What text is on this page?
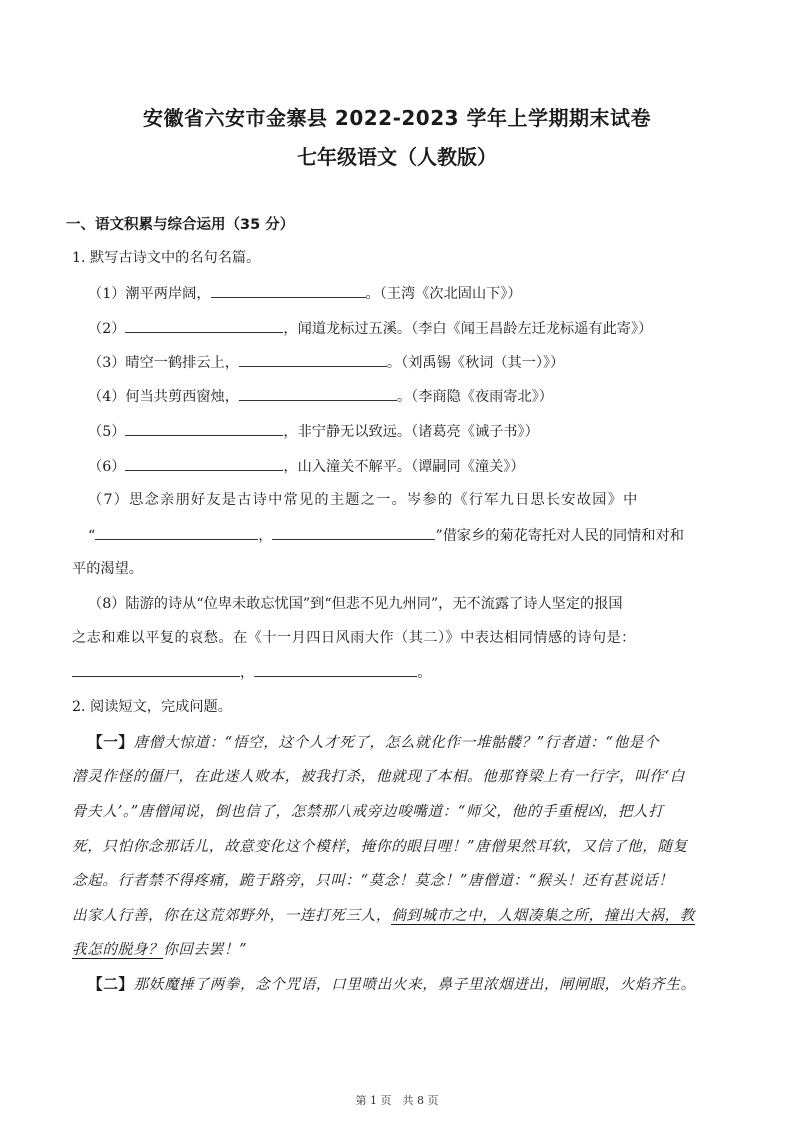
安徽省六安市金寨县 2022-2023 学年上学期期末试卷
七年级语文（人教版）
一、语文积累与综合运用（35 分）
1. 默写古诗文中的名句名篇。
（1）潮平两岸阔，	。（王湾《次北固山下》）
（2）	，闻道龙标过五溪。（李白《闻王昌龄左迁龙标遥有此寄》）
（3）晴空一鹤排云上，	。（刘禹锡《秋词（其一）》）
（4）何当共剪西窗烛，	。（李商隐《夜雨寄北》）
（5）	，非宁静无以致远。（诸葛亮《诫子书》）
（6）	，山入潼关不解平。（谭嗣同《潼关》）
（7）思念亲朋好友是古诗中常见的主题之一。岑参的《行军九日思长安故园》中
“	，	”借家乡的菊花寄托对人民的同情和对和
平的渴望。
（8）陆游的诗从“位卑未敢忘忧国”到“但悲不见九州同”，无不流露了诗人坚定的报国
之志和难以平复的哀愁。在《十一月四日风雨大作（其二）》中表达相同情感的诗句是：
，	。
2. 阅读短文，完成问题。
【一】唐僧大惊道：“悟空，这个人才死了，怎么就化作一堆骷髅？”行者道：“他是个
潜灵作怪的僵尸，在此迷人败本，被我打杀，他就现了本相。他那脊梁上有一行字，叫作‘白
骨夫人’。”唐僧闻说，倒也信了，怎禁那八戒旁边唆嘴道：“师父，他的手重棍凶，把人打
死，只怕你念那话儿，故意变化这个模样，掩你的眼目哩！”唐僧果然耳软，又信了他，随复
念起。行者禁不得疼痛，跪于路旁，只叫：“莫念！莫念！”唐僧道：“猴头！还有甚说话！
出家人行善，你在这荒郊野外，一连打死三人，倘到城市之中，人烟凑集之所，撞出大祸，教
我怎的脱身？你回去罢！”
【二】那妖魔捶了两拳，念个咒语，口里喷出火来，鼻子里浓烟迸出，闸闸眼，火焰齐生。
第 1 页　共 8 页
